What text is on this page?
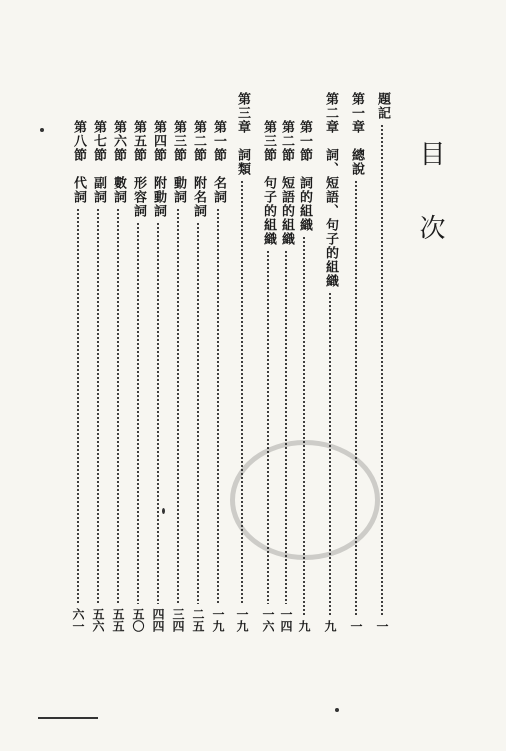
目 次
題記
一
第一章　總說
一
第二章　詞、短語、句子的組織
九
第一節　詞的組織
九
第二節　短語的組織
一四
第三節　句子的組織
一六
第三章　詞類
一九
第一節　名詞
一九
第二節　附名詞
二五
第三節　動詞
三四
第四節　附動詞
四四
第五節　形容詞
五〇
第六節　數詞
五五
第七節　副詞
五六
第八節　代詞
六一
